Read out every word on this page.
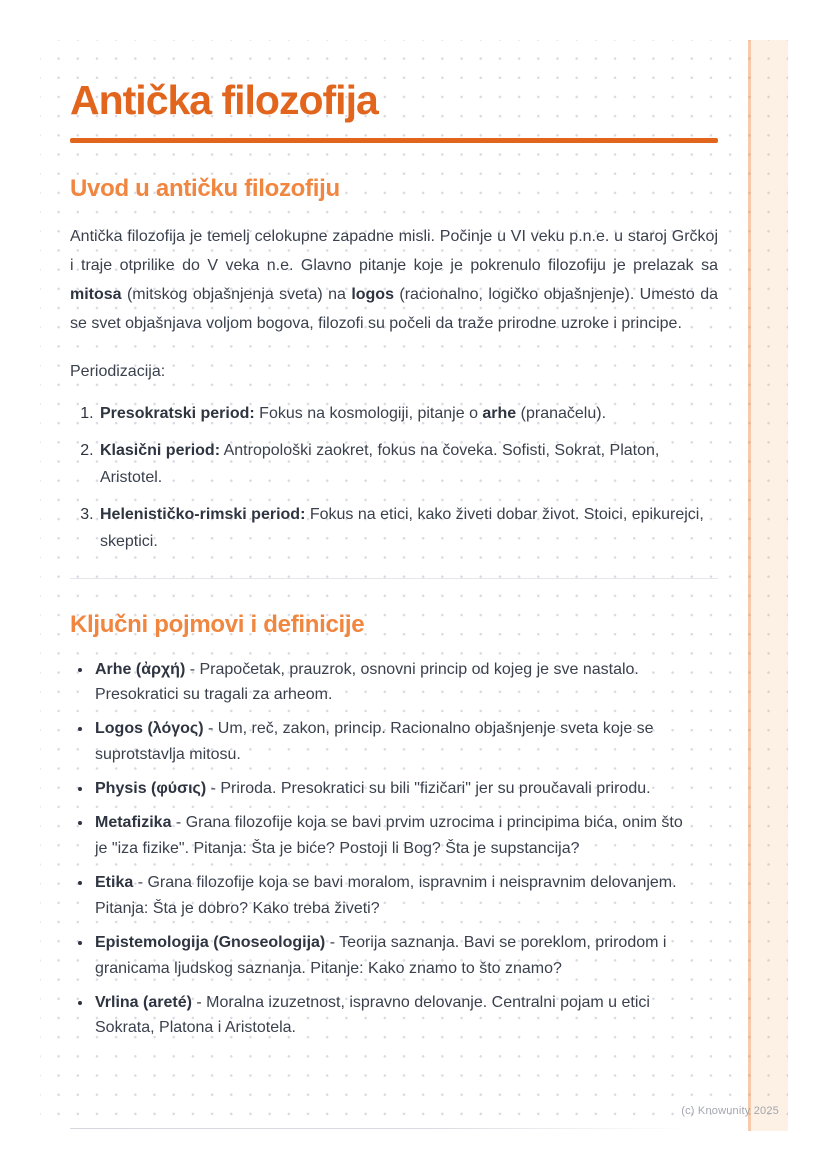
Antička filozofija
Uvod u antičku filozofiju

Antička filozofija je temelj celokupne zapadne misli. Počinje u VI veku p.n.e. u staroj Grčkoj i traje otprilike do V veka n.e. Glavno pitanje koje je pokrenulo filozofiju je prelazak sa mitosa (mitskog objašnjenja sveta) na logos (racionalno, logičko objašnjenje). Umesto da se svet objašnjava voljom bogova, filozofi su počeli da traže prirodne uzroke i principe.

Periodizacija:

1. Presokratski period: Fokus na kosmologiji, pitanje o arhe (pranačelu).
2. Klasični period: Antropološki zaokret, fokus na čoveka. Sofisti, Sokrat, Platon, Aristotel.
3. Helenističko-rimski period: Fokus na etici, kako živeti dobar život. Stoici, epikurejci, skeptici.
Ključni pojmovi i definicije
• Arhe (ἀρχή) - Prapočetak, prauzrok, osnovni princip od kojeg je sve nastalo. Presokratici su tragali za arheom.
• Logos (λόγος) - Um, reč, zakon, princip. Racionalno objašnjenje sveta koje se suprotstavlja mitosu.
• Physis (φύσις) - Priroda. Presokratici su bili "fizičari" jer su proučavali prirodu.
• Metafizika - Grana filozofije koja se bavi prvim uzrocima i principima bića, onim što je "iza fizike". Pitanja: Šta je biće? Postoji li Bog? Šta je supstancija?
• Etika - Grana filozofije koja se bavi moralom, ispravnim i neispravnim delovanjem. Pitanja: Šta je dobro? Kako treba živeti?
• Epistemologija (Gnoseologija) - Teorija saznanja. Bavi se poreklom, prirodom i granicama ljudskog saznanja. Pitanje: Kako znamo to što znamo?
• Vrlina (areté) - Moralna izuzetnost, ispravno delovanje. Centralni pojam u etici Sokrata, Platona i Aristotela.
(c) Knowunity 2025
